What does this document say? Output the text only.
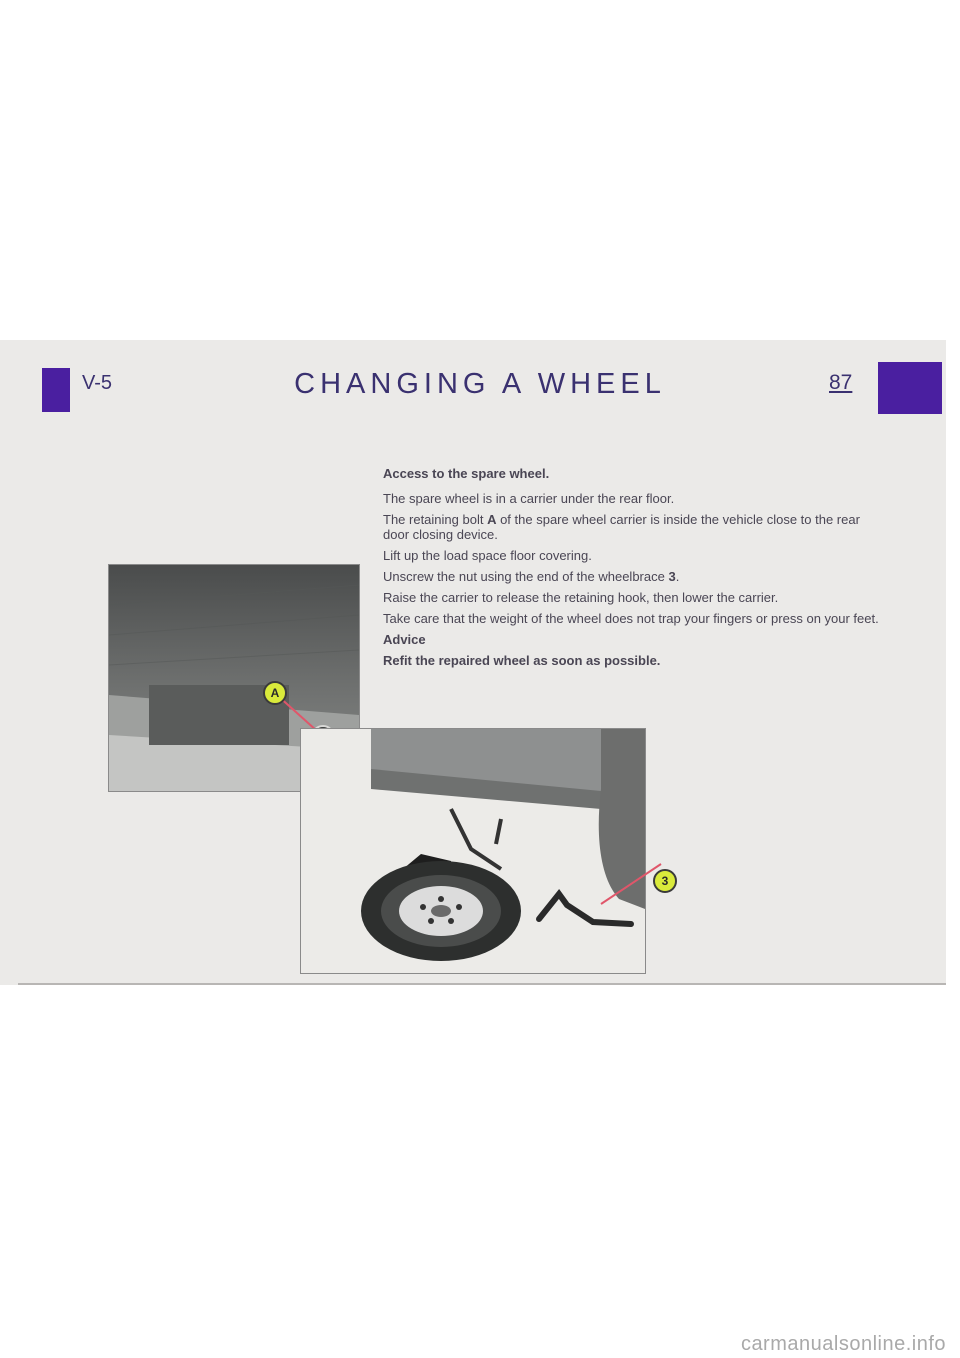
V-5	CHANGING A WHEEL	87

Access to the spare wheel.

The spare wheel is in a carrier under the rear floor.

The retaining bolt A of the spare wheel carrier is inside the vehicle close to the rear door closing device.

Lift up the load space floor covering.

Unscrew the nut using the end of the wheelbrace 3.

Raise the carrier to release the retaining hook, then lower the carrier.

Take care that the weight of the wheel does not trap your fingers or press on your feet.

Advice

Refit the repaired wheel as soon as possible.

A
3
carmanualsonline.info
